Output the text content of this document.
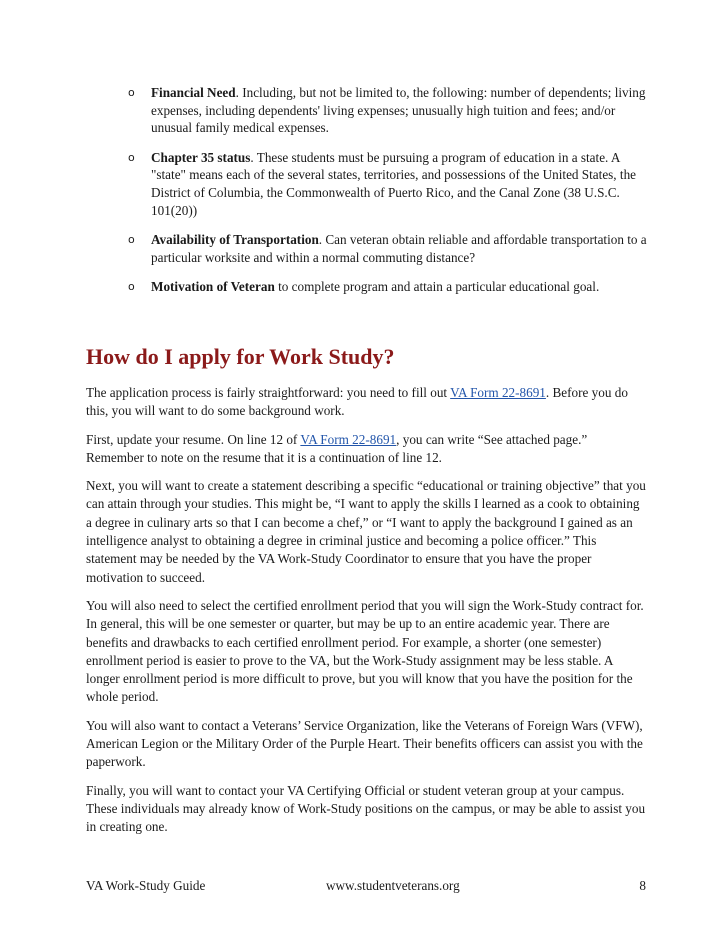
o Financial Need. Including, but not be limited to, the following: number of dependents; living expenses, including dependents' living expenses; unusually high tuition and fees; and/or unusual family medical expenses.
o Chapter 35 status. These students must be pursuing a program of education in a state. A "state" means each of the several states, territories, and possessions of the United States, the District of Columbia, the Commonwealth of Puerto Rico, and the Canal Zone (38 U.S.C. 101(20))
o Availability of Transportation. Can veteran obtain reliable and affordable transportation to a particular worksite and within a normal commuting distance?
o Motivation of Veteran to complete program and attain a particular educational goal.
How do I apply for Work Study?

The application process is fairly straightforward: you need to fill out VA Form 22-8691. Before you do this, you will want to do some background work.

First, update your resume. On line 12 of VA Form 22-8691, you can write “See attached page.” Remember to note on the resume that it is a continuation of line 12.

Next, you will want to create a statement describing a specific “educational or training objective” that you can attain through your studies. This might be, “I want to apply the skills I learned as a cook to obtaining a degree in culinary arts so that I can become a chef,” or “I want to apply the background I gained as an intelligence analyst to obtaining a degree in criminal justice and becoming a police officer.” This statement may be needed by the VA Work-Study Coordinator to ensure that you have the proper motivation to succeed.

You will also need to select the certified enrollment period that you will sign the Work-Study contract for. In general, this will be one semester or quarter, but may be up to an entire academic year. There are benefits and drawbacks to each certified enrollment period. For example, a shorter (one semester) enrollment period is easier to prove to the VA, but the Work-Study assignment may be less stable. A longer enrollment period is more difficult to prove, but you will know that you have the position for the whole period.

You will also want to contact a Veterans’ Service Organization, like the Veterans of Foreign Wars (VFW), American Legion or the Military Order of the Purple Heart. Their benefits officers can assist you with the paperwork.

Finally, you will want to contact your VA Certifying Official or student veteran group at your campus. These individuals may already know of Work-Study positions on the campus, or may be able to assist you in creating one.

VA Work-Study Guide	www.studentveterans.org	8
